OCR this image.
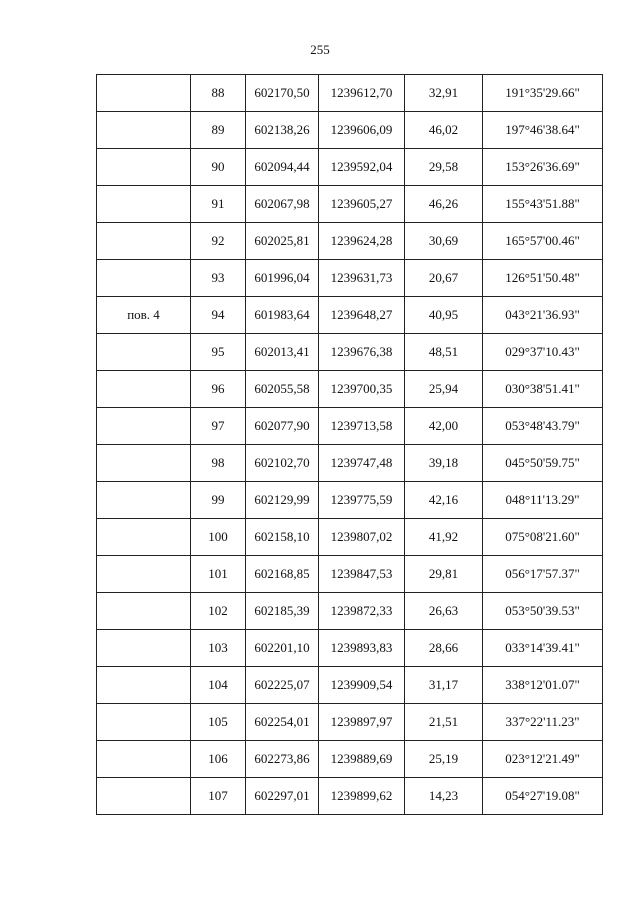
255
	88	602170,50	1239612,70	32,91	191°35'29.66"
	89	602138,26	1239606,09	46,02	197°46'38.64"
	90	602094,44	1239592,04	29,58	153°26'36.69"
	91	602067,98	1239605,27	46,26	155°43'51.88"
	92	602025,81	1239624,28	30,69	165°57'00.46"
	93	601996,04	1239631,73	20,67	126°51'50.48"
пов. 4	94	601983,64	1239648,27	40,95	043°21'36.93"
	95	602013,41	1239676,38	48,51	029°37'10.43"
	96	602055,58	1239700,35	25,94	030°38'51.41"
	97	602077,90	1239713,58	42,00	053°48'43.79"
	98	602102,70	1239747,48	39,18	045°50'59.75"
	99	602129,99	1239775,59	42,16	048°11'13.29"
	100	602158,10	1239807,02	41,92	075°08'21.60"
	101	602168,85	1239847,53	29,81	056°17'57.37"
	102	602185,39	1239872,33	26,63	053°50'39.53"
	103	602201,10	1239893,83	28,66	033°14'39.41"
	104	602225,07	1239909,54	31,17	338°12'01.07"
	105	602254,01	1239897,97	21,51	337°22'11.23"
	106	602273,86	1239889,69	25,19	023°12'21.49"
	107	602297,01	1239899,62	14,23	054°27'19.08"
